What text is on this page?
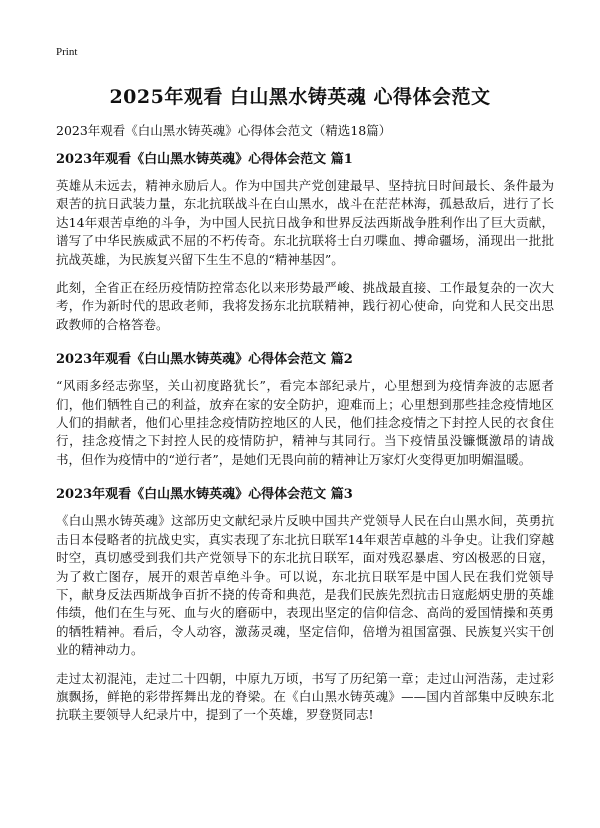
Print
2025年观看 白山黑水铸英魂 心得体会范文
2023年观看《白山黑水铸英魂》心得体会范文（精选18篇）
2023年观看《白山黑水铸英魂》心得体会范文 篇1

英雄从未远去，精神永励后人。作为中国共产党创建最早、坚持抗日时间最长、条件最为艰苦的抗日武装力量，东北抗联战斗在白山黑水，战斗在茫茫林海，孤悬敌后，进行了长达14年艰苦卓绝的斗争，为中国人民抗日战争和世界反法西斯战争胜利作出了巨大贡献，谱写了中华民族威武不屈的不朽传奇。东北抗联将士白刃喋血、搏命疆场，涌现出一批批抗战英雄，为民族复兴留下生生不息的“精神基因”。

此刻，全省正在经历疫情防控常态化以来形势最严峻、挑战最直接、工作最复杂的一次大考，作为新时代的思政老师，我将发扬东北抗联精神，践行初心使命，向党和人民交出思政教师的合格答卷。

2023年观看《白山黑水铸英魂》心得体会范文 篇2

“风雨多经志弥坚，关山初度路犹长”，看完本部纪录片，心里想到为疫情奔波的志愿者们，他们牺牲自己的利益，放弃在家的安全防护，迎难而上；心里想到那些挂念疫情地区人们的捐献者，他们心里挂念疫情防控地区的人民，他们挂念疫情之下封控人民的衣食住行，挂念疫情之下封控人民的疫情防护，精神与其同行。当下疫情虽没镰慨激昂的请战书，但作为疫情中的“逆行者”，是她们无畏向前的精神让万家灯火变得更加明媚温暖。

2023年观看《白山黑水铸英魂》心得体会范文 篇3

《白山黑水铸英魂》这部历史文献纪录片反映中国共产党领导人民在白山黑水间，英勇抗击日本侵略者的抗战史实，真实表现了东北抗日联军14年艰苦卓越的斗争史。让我们穿越时空，真切感受到我们共产党领导下的东北抗日联军，面对残忍暴虐、穷凶极恶的日寇，为了救亡图存，展开的艰苦卓绝斗争。可以说，东北抗日联军是中国人民在我们党领导下，献身反法西斯战争百折不挠的传奇和典范，是我们民族先烈抗击日寇彪炳史册的英雄伟绩，他们在生与死、血与火的磨砺中，表现出坚定的信仰信念、高尚的爱国情操和英勇的牺牲精神。看后，令人动容，激荡灵魂，坚定信仰，倍增为祖国富强、民族复兴实干创业的精神动力。

走过太初混沌，走过二十四朝，中原九万顷，书写了历纪第一章；走过山河浩荡，走过彩旗飘扬，鲜艳的彩带挥舞出龙的脊梁。在《白山黑水铸英魂》——国内首部集中反映东北抗联主要领导人纪录片中，提到了一个英雄，罗登贤同志!
